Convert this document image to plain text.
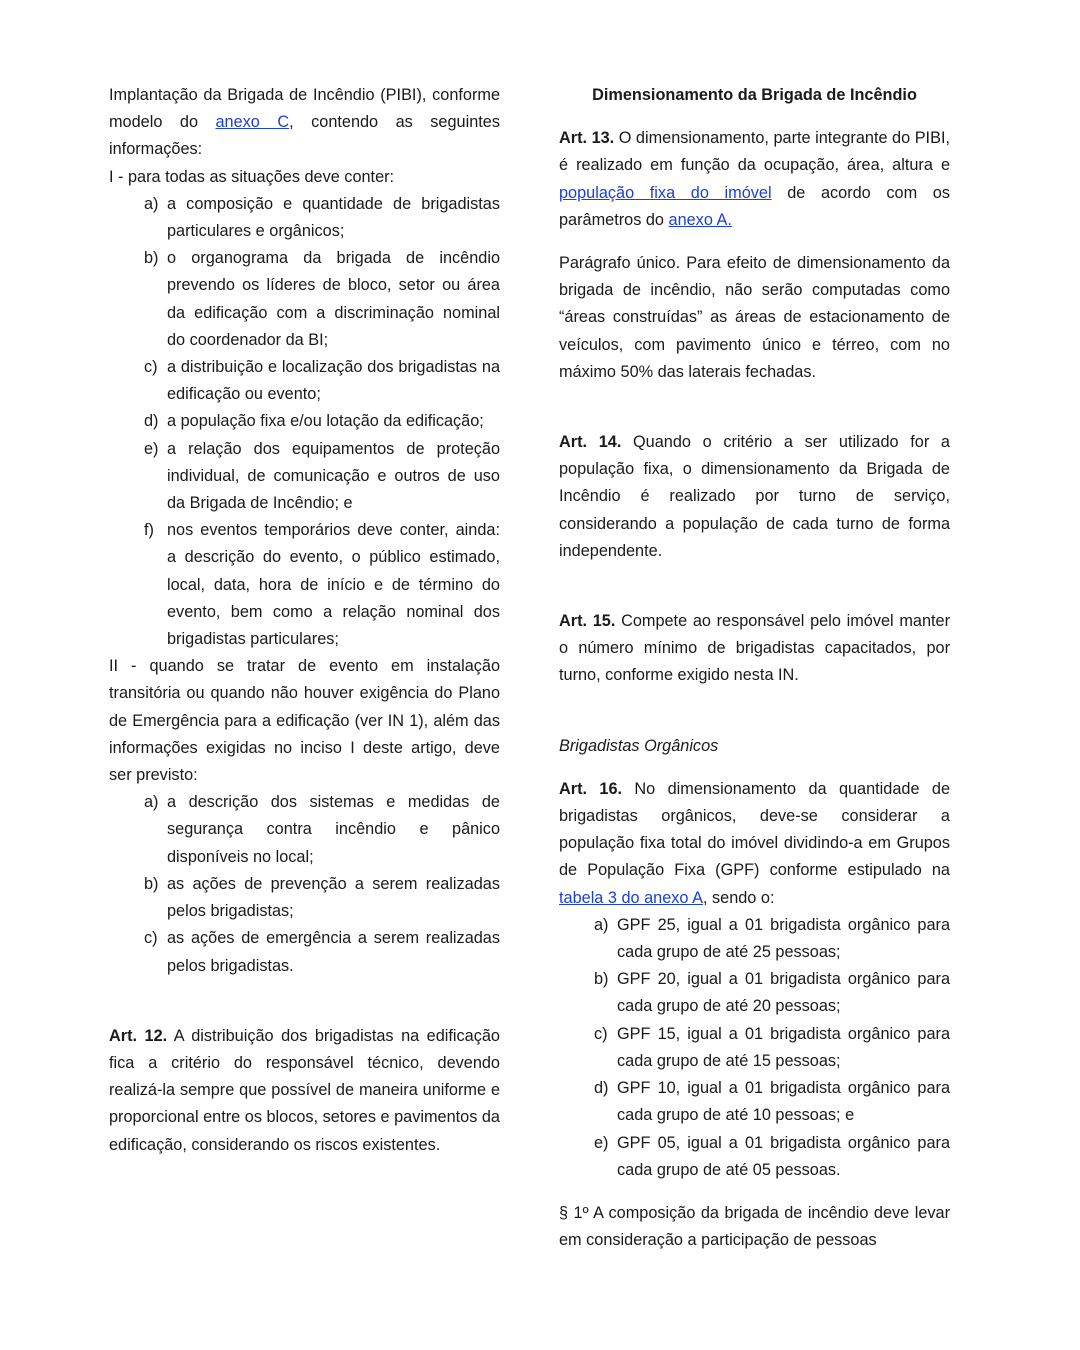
Implantação da Brigada de Incêndio (PIBI), conforme modelo do anexo C, contendo as seguintes informações:

I - para todas as situações deve conter:

a) a composição e quantidade de brigadistas particulares e orgânicos;
b) o organograma da brigada de incêndio prevendo os líderes de bloco, setor ou área da edificação com a discriminação nominal do coordenador da BI;
c) a distribuição e localização dos brigadistas na edificação ou evento;
d) a população fixa e/ou lotação da edificação;
e) a relação dos equipamentos de proteção individual, de comunicação e outros de uso da Brigada de Incêndio; e
f) nos eventos temporários deve conter, ainda: a descrição do evento, o público estimado, local, data, hora de início e de término do evento, bem como a relação nominal dos brigadistas particulares;

II - quando se tratar de evento em instalação transitória ou quando não houver exigência do Plano de Emergência para a edificação (ver IN 1), além das informações exigidas no inciso I deste artigo, deve ser previsto:

a) a descrição dos sistemas e medidas de segurança contra incêndio e pânico disponíveis no local;
b) as ações de prevenção a serem realizadas pelos brigadistas;
c) as ações de emergência a serem realizadas pelos brigadistas.

Art. 12. A distribuição dos brigadistas na edificação fica a critério do responsável técnico, devendo realizá-la sempre que possível de maneira uniforme e proporcional entre os blocos, setores e pavimentos da edificação, considerando os riscos existentes.

Dimensionamento da Brigada de Incêndio

Art. 13. O dimensionamento, parte integrante do PIBI, é realizado em função da ocupação, área, altura e população fixa do imóvel de acordo com os parâmetros do anexo A.

Parágrafo único. Para efeito de dimensionamento da brigada de incêndio, não serão computadas como “áreas construídas” as áreas de estacionamento de veículos, com pavimento único e térreo, com no máximo 50% das laterais fechadas.

Art. 14. Quando o critério a ser utilizado for a população fixa, o dimensionamento da Brigada de Incêndio é realizado por turno de serviço, considerando a população de cada turno de forma independente.

Art. 15. Compete ao responsável pelo imóvel manter o número mínimo de brigadistas capacitados, por turno, conforme exigido nesta IN.

Brigadistas Orgânicos

Art. 16. No dimensionamento da quantidade de brigadistas orgânicos, deve-se considerar a população fixa total do imóvel dividindo-a em Grupos de População Fixa (GPF) conforme estipulado na tabela 3 do anexo A, sendo o:

a) GPF 25, igual a 01 brigadista orgânico para cada grupo de até 25 pessoas;
b) GPF 20, igual a 01 brigadista orgânico para cada grupo de até 20 pessoas;
c) GPF 15, igual a 01 brigadista orgânico para cada grupo de até 15 pessoas;
d) GPF 10, igual a 01 brigadista orgânico para cada grupo de até 10 pessoas; e
e) GPF 05, igual a 01 brigadista orgânico para cada grupo de até 05 pessoas.

§ 1º A composição da brigada de incêndio deve levar em consideração a participação de pessoas
